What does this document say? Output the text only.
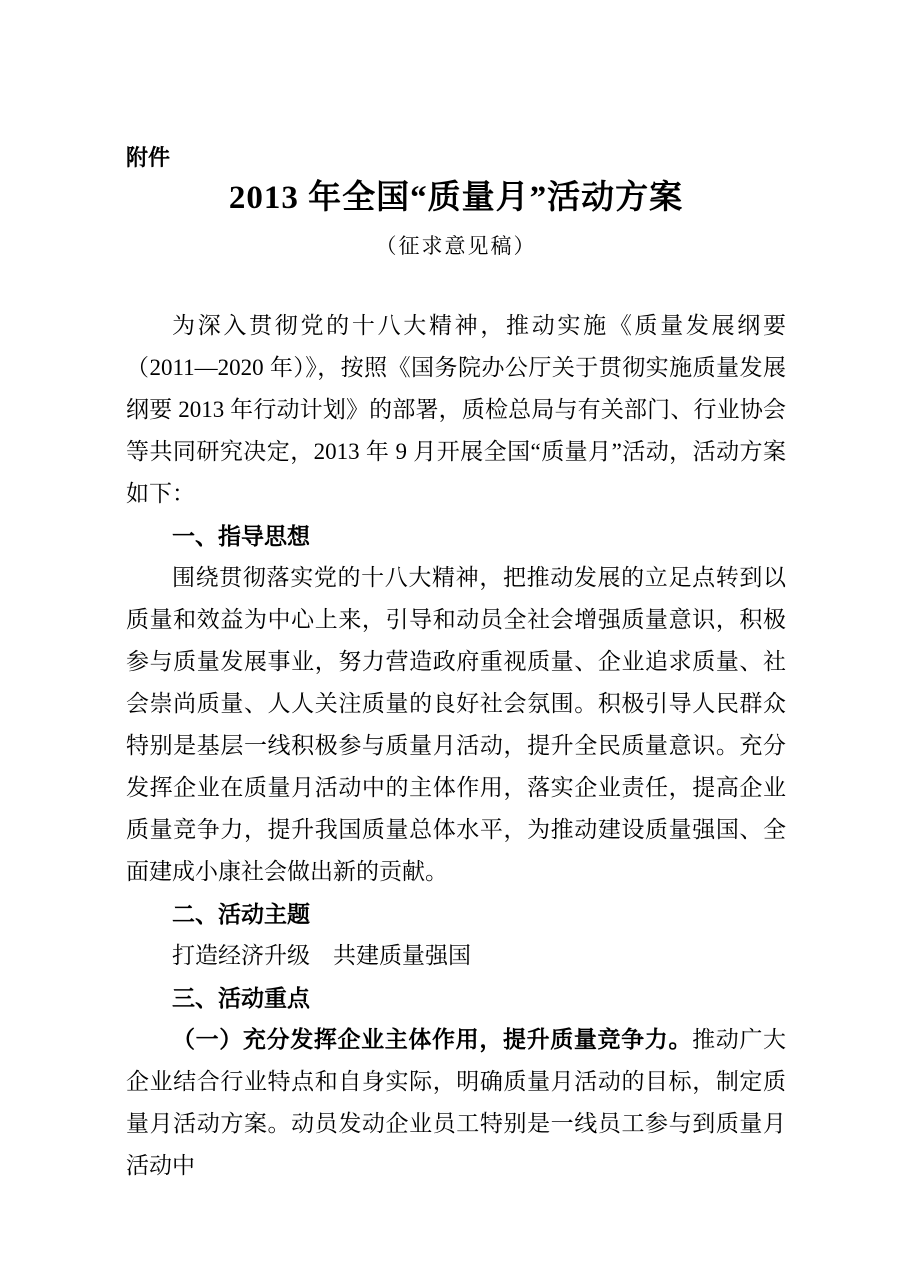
附件
2013 年全国“质量月”活动方案
（征求意见稿）

为深入贯彻党的十八大精神，推动实施《质量发展纲要（2011—2020 年）》，按照《国务院办公厅关于贯彻实施质量发展纲要 2013 年行动计划》的部署，质检总局与有关部门、行业协会等共同研究决定，2013 年 9 月开展全国“质量月”活动，活动方案如下：

一、指导思想

围绕贯彻落实党的十八大精神，把推动发展的立足点转到以质量和效益为中心上来，引导和动员全社会增强质量意识，积极参与质量发展事业，努力营造政府重视质量、企业追求质量、社会崇尚质量、人人关注质量的良好社会氛围。积极引导人民群众特别是基层一线积极参与质量月活动，提升全民质量意识。充分发挥企业在质量月活动中的主体作用，落实企业责任，提高企业质量竞争力，提升我国质量总体水平，为推动建设质量强国、全面建成小康社会做出新的贡献。

二、活动主题

打造经济升级　共建质量强国

三、活动重点

（一）充分发挥企业主体作用，提升质量竞争力。推动广大企业结合行业特点和自身实际，明确质量月活动的目标，制定质量月活动方案。动员发动企业员工特别是一线员工参与到质量月活动中
